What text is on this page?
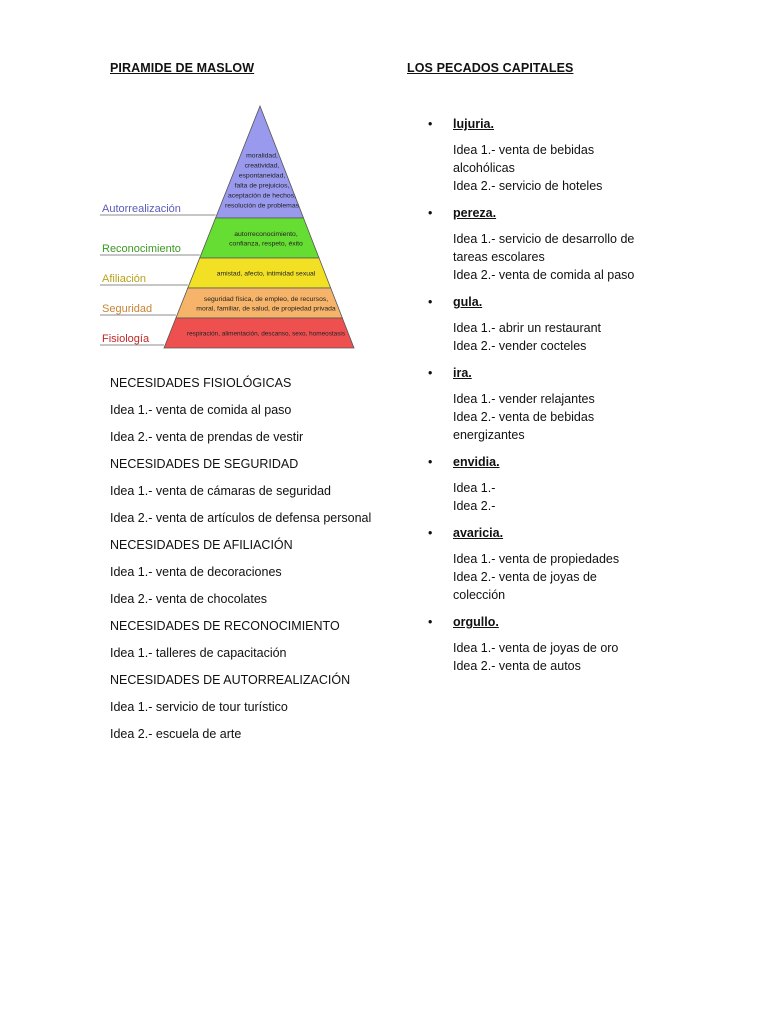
PIRAMIDE DE MASLOW	LOS PECADOS CAPITALES
Autorrealización
moralidad,
creatividad,
espontaneidad,
falta de prejuicios,
aceptación de hechos,
resolución de problemas
Reconocimiento
autorreconocimiento,
confianza, respeto, éxito
Afiliación	amistad, afecto, intimidad sexual
Seguridad
seguridad física, de empleo, de recursos,
moral, familiar, de salud, de propiedad privada
Fisiología	respiración, alimentación, descanso, sexo, homeostasis

NECESIDADES FISIOLÓGICAS

Idea 1.- venta de comida al paso

Idea 2.- venta de prendas de vestir

NECESIDADES DE SEGURIDAD

Idea 1.- venta de cámaras de seguridad

Idea 2.- venta de artículos de defensa personal

NECESIDADES DE AFILIACIÓN

Idea 1.- venta de decoraciones

Idea 2.- venta de chocolates

NECESIDADES DE RECONOCIMIENTO

Idea 1.- talleres de capacitación

NECESIDADES DE AUTORREALIZACIÓN

Idea 1.- servicio de tour turístico

Idea 2.- escuela de arte

• lujuria.
Idea 1.- venta de bebidas alcohólicas
Idea 2.- servicio de hoteles
• pereza.
Idea 1.- servicio de desarrollo de tareas escolares
Idea 2.- venta de comida al paso
• gula.
Idea 1.- abrir un restaurant
Idea 2.- vender cocteles
• ira.
Idea 1.- vender relajantes
Idea 2.- venta de bebidas energizantes
• envidia.
Idea 1.-
Idea 2.-
• avaricia.
Idea 1.- venta de propiedades
Idea 2.- venta de joyas de colección
• orgullo.
Idea 1.- venta de joyas de oro
Idea 2.- venta de autos
